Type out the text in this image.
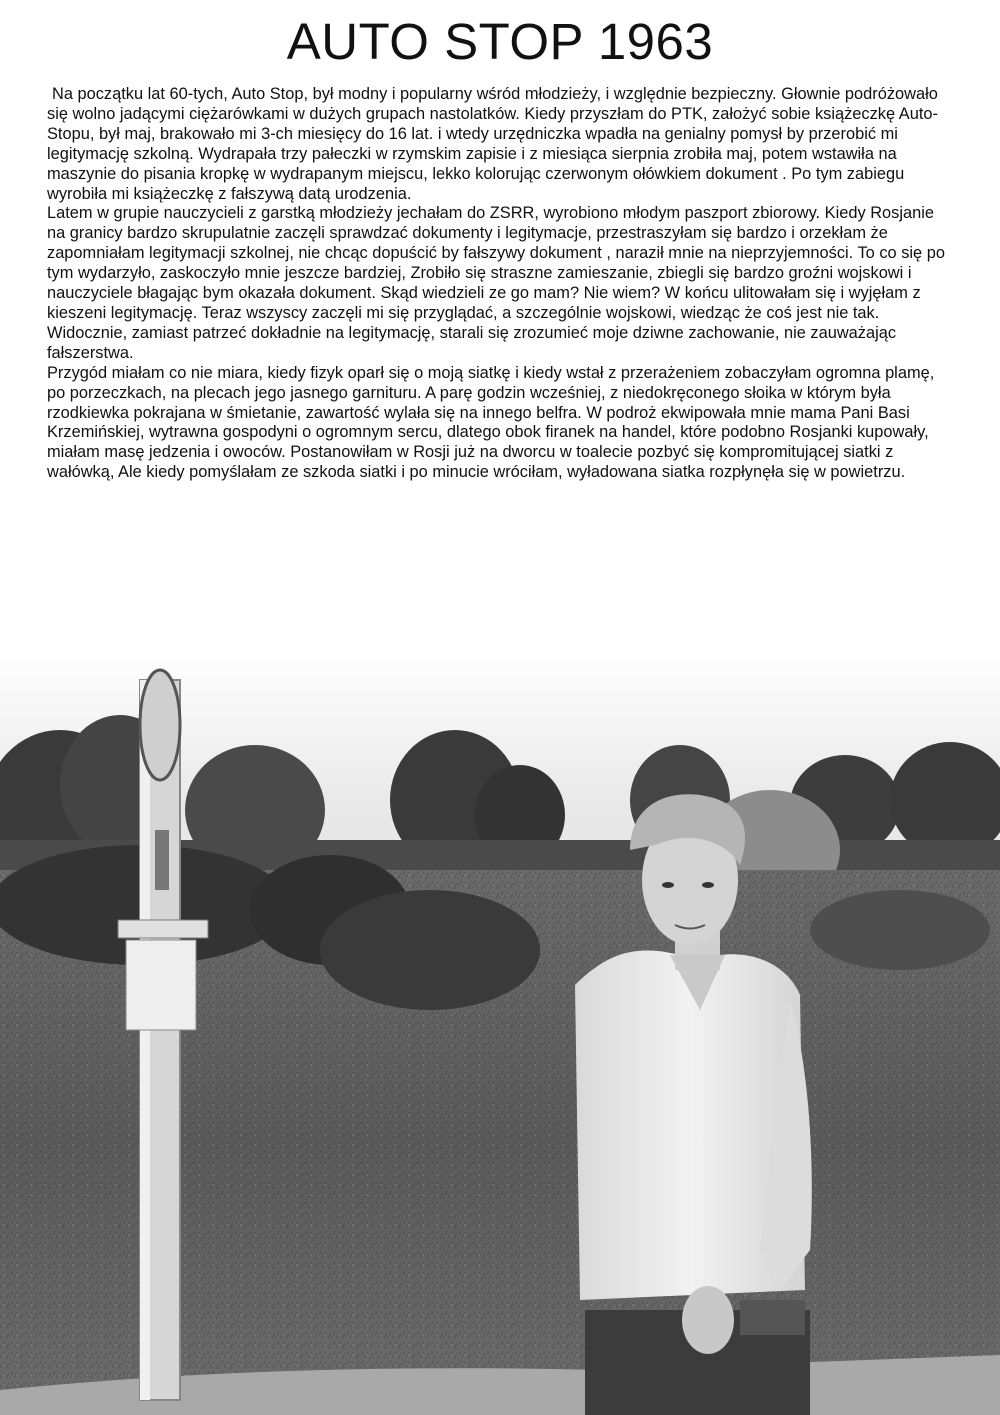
AUTO STOP 1963

Na początku lat 60-tych, Auto Stop, był modny i popularny wśród młodzieży, i względnie bezpieczny. Głownie podróżowało się wolno jadącymi ciężarówkami w dużych grupach nastolatków. Kiedy przyszłam do PTK, założyć sobie książeczkę Auto-Stopu, był maj, brakowało mi 3-ch miesięcy do 16 lat. i wtedy urzędniczka wpadła na genialny pomysł by przerobić mi legitymację szkolną. Wydrapała trzy pałeczki w rzymskim zapisie i z miesiąca sierpnia zrobiła maj, potem wstawiła na maszynie do pisania kropkę w wydrapanym miejscu, lekko kolorując czerwonym ołówkiem dokument . Po tym zabiegu wyrobiła mi książeczkę z fałszywą datą urodzenia.

Latem w grupie nauczycieli z garstką młodzieży jechałam do ZSRR, wyrobiono młodym paszport zbiorowy. Kiedy Rosjanie na granicy bardzo skrupulatnie zaczęli sprawdzać dokumenty i legitymacje, przestraszyłam się bardzo i orzekłam że zapomniałam legitymacji szkolnej, nie chcąc dopuścić by fałszywy dokument , naraził mnie na nieprzyjemności. To co się po tym wydarzyło, zaskoczyło mnie jeszcze bardziej, Zrobiło się straszne zamieszanie, zbiegli się bardzo groźni wojskowi i nauczyciele błagając bym okazała dokument. Skąd wiedzieli ze go mam? Nie wiem? W końcu ulitowałam się i wyjęłam z kieszeni legitymację. Teraz wszyscy zaczęli mi się przyglądać, a szczególnie wojskowi, wiedząc że coś jest nie tak. Widocznie, zamiast patrzeć dokładnie na legitymację, starali się zrozumieć moje dziwne zachowanie, nie zauważając fałszerstwa.

Przygód miałam co nie miara, kiedy fizyk oparł się o moją siatkę i kiedy wstał z przerażeniem zobaczyłam ogromna plamę, po porzeczkach, na plecach jego jasnego garnituru. A parę godzin wcześniej, z niedokręconego słoika w którym była rzodkiewka pokrajana w śmietanie, zawartość wylała się na innego belfra. W podroż ekwipowała mnie mama Pani Basi Krzemińskiej, wytrawna gospodyni o ogromnym sercu, dlatego obok firanek na handel, które podobno Rosjanki kupowały, miałam masę jedzenia i owoców. Postanowiłam w Rosji już na dworcu w toalecie pozbyć się kompromitującej siatki z wałówką, Ale kiedy pomyślałam ze szkoda siatki i po minucie wróciłam, wyładowana siatka rozpłynęła się w powietrzu.
